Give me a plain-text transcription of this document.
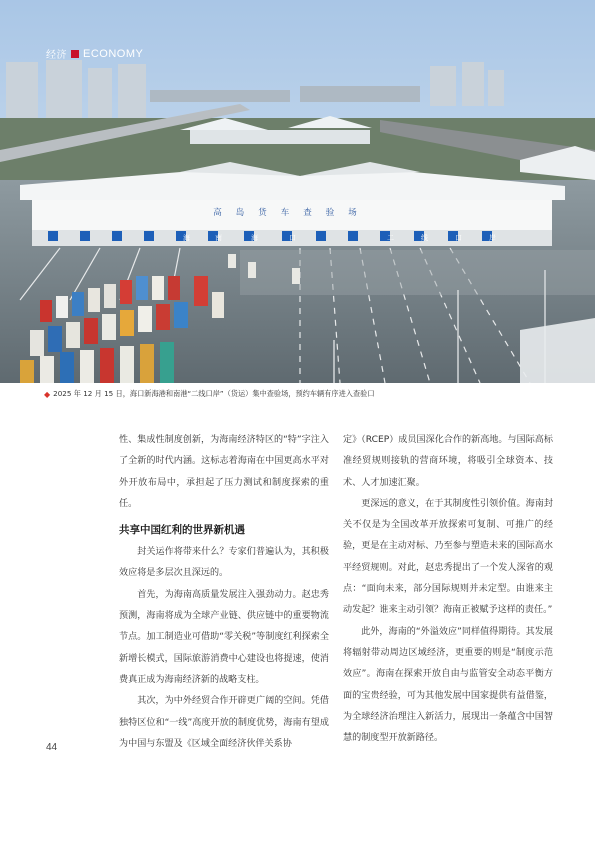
高岛货车查验场
海	南	海	口	二	线	口	岸
经济 ECONOMY
◆ 2025 年 12 月 15 日，海口新海港和南港“二线口岸”（货运）集中查验场，预约车辆有序进入查验口

性、集成性制度创新，为海南经济特区的“特”字注入了全新的时代内涵。这标志着海南在中国更高水平对外开放布局中，承担起了压力测试和制度探索的重任。

共享中国红利的世界新机遇

封关运作将带来什么？专家们普遍认为，其积极效应将是多层次且深远的。

首先，为海南高质量发展注入强劲动力。赵忠秀预测，海南将成为全球产业链、供应链中的重要物流节点。加工制造业可借助“零关税”等制度红利探索全新增长模式，国际旅游消费中心建设也将提速，使消费真正成为海南经济新的战略支柱。

其次，为中外经贸合作开辟更广阔的空间。凭借独特区位和“一线”高度开放的制度优势，海南有望成为中国与东盟及《区域全面经济伙伴关系协

定》（RCEP）成员国深化合作的新高地。与国际高标准经贸规则接轨的营商环境，将吸引全球资本、技术、人才加速汇聚。

更深远的意义，在于其制度性引领价值。海南封关不仅是为全国改革开放探索可复制、可推广的经验，更是在主动对标、乃至参与塑造未来的国际高水平经贸规则。对此，赵忠秀提出了一个发人深省的观点：“面向未来，部分国际规则并未定型。由谁来主动发起？谁来主动引领？海南正被赋予这样的责任。”

此外，海南的“外溢效应”同样值得期待。其发展将辐射带动周边区域经济，更重要的则是“制度示范效应”。海南在探索开放自由与监管安全动态平衡方面的宝贵经验，可为其他发展中国家提供有益借鉴，为全球经济治理注入新活力，展现出一条蕴含中国智慧的制度型开放新路径。

44
